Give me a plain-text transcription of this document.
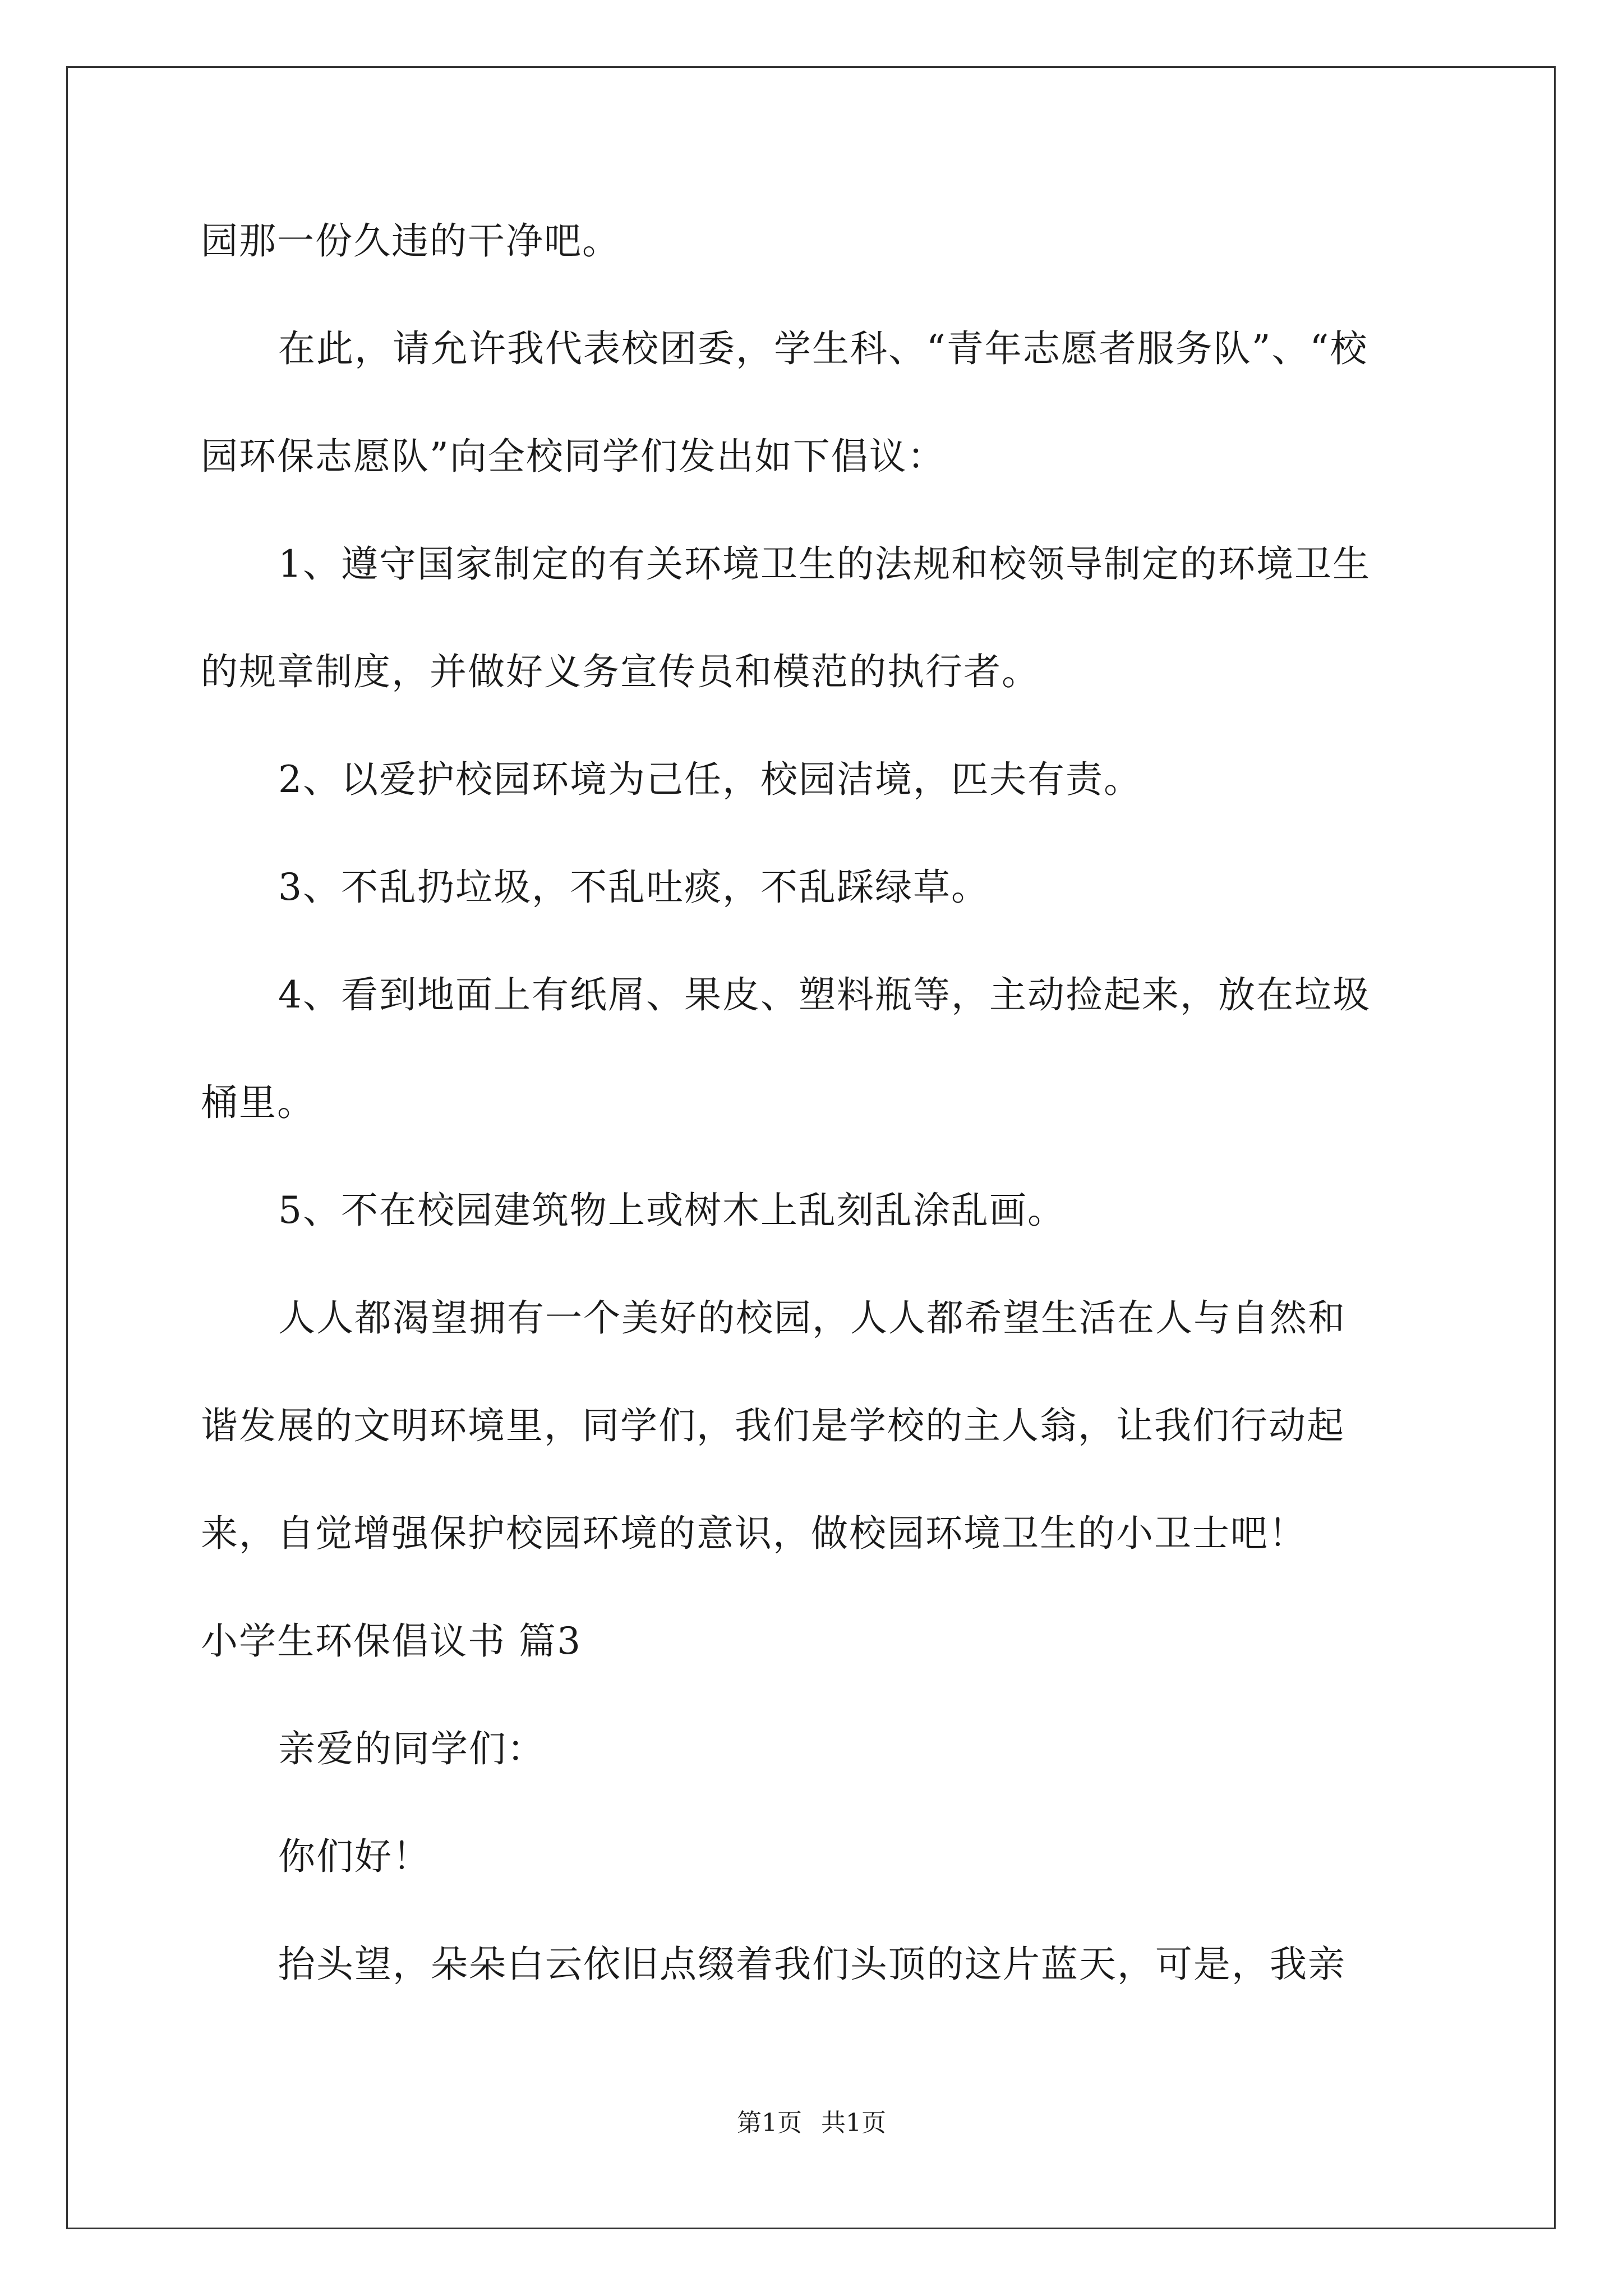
园那一份久违的干净吧。
在此，请允许我代表校团委，学生科、“青年志愿者服务队”、“校
园环保志愿队”向全校同学们发出如下倡议：
1、遵守国家制定的有关环境卫生的法规和校领导制定的环境卫生
的规章制度，并做好义务宣传员和模范的执行者。
2、以爱护校园环境为己任，校园洁境，匹夫有责。
3、不乱扔垃圾，不乱吐痰，不乱踩绿草。
4、看到地面上有纸屑、果皮、塑料瓶等，主动捡起来，放在垃圾
桶里。
5、不在校园建筑物上或树木上乱刻乱涂乱画。
人人都渴望拥有一个美好的校园，人人都希望生活在人与自然和
谐发展的文明环境里，同学们，我们是学校的主人翁，让我们行动起
来，自觉增强保护校园环境的意识，做校园环境卫生的小卫士吧！
小学生环保倡议书 篇3
亲爱的同学们：
你们好！
抬头望，朵朵白云依旧点缀着我们头顶的这片蓝天，可是，我亲
第1页 共1页
